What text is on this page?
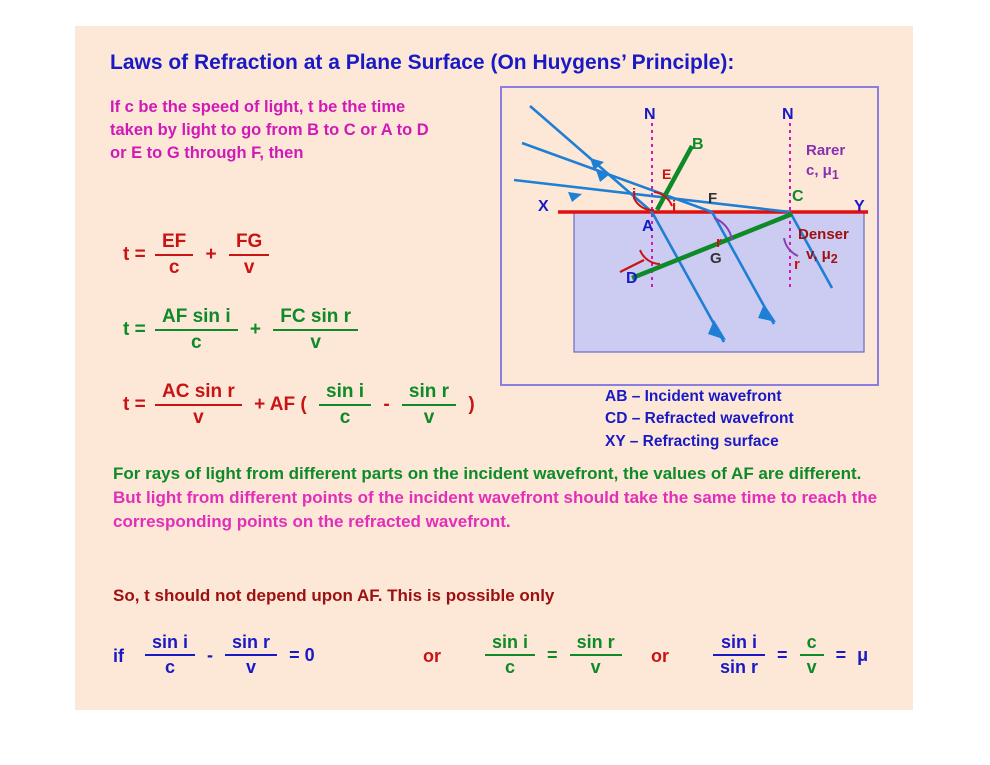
Laws of Refraction at a Plane Surface (On Huygens’ Principle):
If c be the speed of light, t be the time taken by light to go from B to C or A to D or E to G through F, then
$t = \frac{EF}{c} + \frac{FG}{v}$
$t = \frac{\text{AF sin i}}{c} + \frac{\text{FC sin r}}{v}$
$t = \frac{\text{AC sin r}}{v}$ + AF ( $\frac{\text{sin i}}{c} - \frac{\text{sin r}}{v}$ )
N	N
B
E
i
i
A
D
F
r
G
C
r
X	Y
Rarer
c, $\mu_1$
Denser
v, $\mu_2$
AB – Incident wavefront
CD – Refracted wavefront
XY – Refracting surface
For rays of light from different parts on the incident wavefront, the values of AF are different.    But light from different points of the incident wavefront should take the same time to reach the corresponding points on the refracted wavefront.
So, t should not depend upon AF. This is possible only
if $\frac{\text{sin i}}{c} - \frac{\text{sin r}}{v} = 0$	or $\frac{\text{sin i}}{c} = \frac{\text{sin r}}{v}$ or $\frac{\text{sin i}}{\text{sin r}} = \frac{c}{v} = \mu$
